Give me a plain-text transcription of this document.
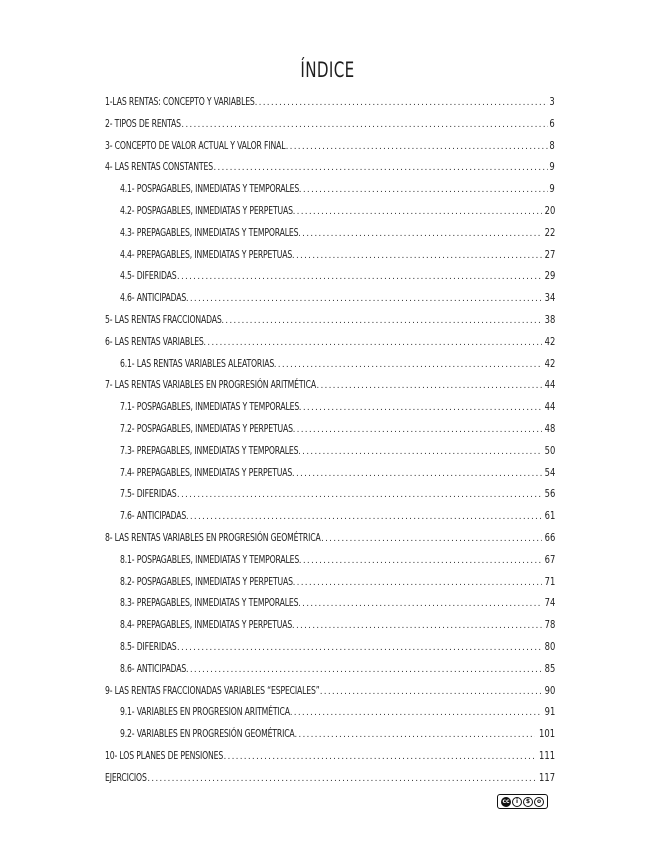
ÍNDICE
1-LAS RENTAS: CONCEPTO Y VARIABLES .....	3
2- TIPOS DE RENTAS .....	6
3- CONCEPTO DE VALOR ACTUAL Y VALOR FINAL .....	8
4- LAS RENTAS CONSTANTES .....	9
4.1- POSPAGABLES, INMEDIATAS Y TEMPORALES .....	9
4.2- POSPAGABLES, INMEDIATAS Y PERPETUAS .....	20
4.3- PREPAGABLES, INMEDIATAS Y TEMPORALES .....	22
4.4- PREPAGABLES, INMEDIATAS Y PERPETUAS .....	27
4.5- DIFERIDAS .....	29
4.6- ANTICIPADAS .....	34
5- LAS RENTAS FRACCIONADAS .....	38
6- LAS RENTAS VARIABLES .....	42
6.1- LAS RENTAS VARIABLES ALEATORIAS .....	42
7- LAS RENTAS VARIABLES EN PROGRESIÓN ARITMÉTICA .....	44
7.1- POSPAGABLES, INMEDIATAS Y TEMPORALES .....	44
7.2- POSPAGABLES, INMEDIATAS Y PERPETUAS .....	48
7.3- PREPAGABLES, INMEDIATAS Y TEMPORALES .....	50
7.4- PREPAGABLES, INMEDIATAS Y PERPETUAS .....	54
7.5- DIFERIDAS .....	56
7.6- ANTICIPADAS .....	61
8- LAS RENTAS VARIABLES EN PROGRESIÓN GEOMÉTRICA .....	66
8.1- POSPAGABLES, INMEDIATAS Y TEMPORALES .....	67
8.2- POSPAGABLES, INMEDIATAS Y PERPETUAS .....	71
8.3- PREPAGABLES, INMEDIATAS Y TEMPORALES .....	74
8.4- PREPAGABLES, INMEDIATAS Y PERPETUAS .....	78
8.5- DIFERIDAS .....	80
8.6- ANTICIPADAS .....	85
9- LAS RENTAS FRACCIONADAS VARIABLES “ESPECIALES” .....	90
9.1- VARIABLES EN PROGRESION ARITMÉTICA .....	91
9.2- VARIABLES EN PROGRESIÓN GEOMÉTRICA .....	101
10- LOS PLANES DE PENSIONES .....	111
EJERCICIOS .....	117
cc	i	$	o
